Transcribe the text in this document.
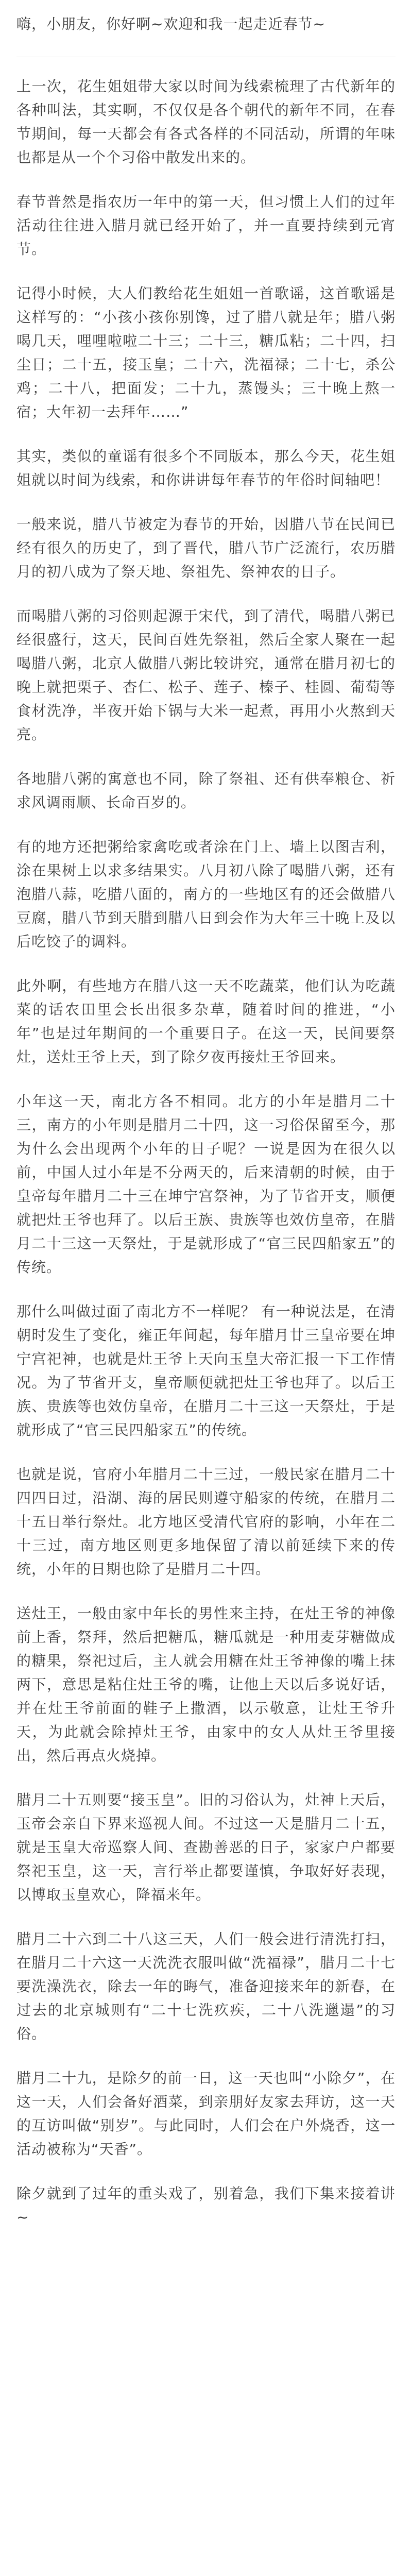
嗨，小朋友，你好啊~欢迎和我一起走近春节~

上一次，花生姐姐带大家以时间为线索梳理了古代新年的各种叫法，其实啊，不仅仅是各个朝代的新年不同，在春节期间，每一天都会有各式各样的不同活动，所谓的年味也都是从一个个习俗中散发出来的。

春节普然是指农历一年中的第一天，但习惯上人们的过年活动往往进入腊月就已经开始了，并一直要持续到元宵节。

记得小时候，大人们教给花生姐姐一首歌谣，这首歌谣是这样写的：“小孩小孩你别馋，过了腊八就是年；腊八粥喝几天，哩哩啦啦二十三；二十三，糖瓜粘；二十四，扫尘日；二十五，接玉皇；二十六，洗福禄；二十七，杀公鸡；二十八，把面发；二十九，蒸馒头；三十晚上熬一宿；大年初一去拜年……”

其实，类似的童谣有很多个不同版本，那么今天，花生姐姐就以时间为线索，和你讲讲每年春节的年俗时间轴吧！

一般来说，腊八节被定为春节的开始，因腊八节在民间已经有很久的历史了，到了晋代，腊八节广泛流行，农历腊月的初八成为了祭天地、祭祖先、祭神农的日子。

而喝腊八粥的习俗则起源于宋代，到了清代，喝腊八粥已经很盛行，这天，民间百姓先祭祖，然后全家人聚在一起喝腊八粥，北京人做腊八粥比较讲究，通常在腊月初七的晚上就把栗子、杏仁、松子、莲子、榛子、桂圆、葡萄等食材洗净，半夜开始下锅与大米一起煮，再用小火熬到天亮。

各地腊八粥的寓意也不同，除了祭祖、还有供奉粮仓、祈求风调雨顺、长命百岁的。

有的地方还把粥给家禽吃或者涂在门上、墙上以图吉利，涂在果树上以求多结果实。八月初八除了喝腊八粥，还有泡腊八蒜，吃腊八面的，南方的一些地区有的还会做腊八豆腐，腊八节到天腊到腊八日到会作为大年三十晚上及以后吃饺子的调料。

此外啊，有些地方在腊八这一天不吃蔬菜，他们认为吃蔬菜的话农田里会长出很多杂草，随着时间的推进，“小年”也是过年期间的一个重要日子。在这一天，民间要祭灶，送灶王爷上天，到了除夕夜再接灶王爷回来。

小年这一天，南北方各不相同。北方的小年是腊月二十三，南方的小年则是腊月二十四，这一习俗保留至今，那为什么会出现两个小年的日子呢？一说是因为在很久以前，中国人过小年是不分两天的，后来清朝的时候，由于皇帝每年腊月二十三在坤宁宫祭神，为了节省开支，顺便就把灶王爷也拜了。以后王族、贵族等也效仿皇帝，在腊月二十三这一天祭灶，于是就形成了“官三民四船家五”的传统。

那什么叫做过面了南北方不一样呢？ 有一种说法是，在清朝时发生了变化，雍正年间起，每年腊月廿三皇帝要在坤宁宫祀神，也就是灶王爷上天向玉皇大帝汇报一下工作情况。为了节省开支，皇帝顺便就把灶王爷也拜了。以后王族、贵族等也效仿皇帝，在腊月二十三这一天祭灶，于是就形成了“官三民四船家五”的传统。

也就是说，官府小年腊月二十三过，一般民家在腊月二十四四日过，沿湖、海的居民则遵守船家的传统，在腊月二十五日举行祭灶。北方地区受清代官府的影响，小年在二十三过，南方地区则更多地保留了清以前延续下来的传统，小年的日期也除了是腊月二十四。

送灶王，一般由家中年长的男性来主持，在灶王爷的神像前上香，祭拜，然后把糖瓜，糖瓜就是一种用麦芽糖做成的糖果，祭祀过后，主人就会用糖在灶王爷神像的嘴上抹两下，意思是粘住灶王爷的嘴，让他上天以后多说好话，并在灶王爷前面的鞋子上撒酒，以示敬意，让灶王爷升天，为此就会除掉灶王爷，由家中的女人从灶王爷里接出，然后再点火烧掉。

腊月二十五则要“接玉皇”。旧的习俗认为，灶神上天后，玉帝会亲自下界来巡视人间。不过这一天是腊月二十五，就是玉皇大帝巡察人间、查勘善恶的日子，家家户户都要祭祀玉皇，这一天，言行举止都要谨慎，争取好好表现，以博取玉皇欢心，降福来年。

腊月二十六到二十八这三天，人们一般会进行清洗打扫，在腊月二十六这一天洗洗衣服叫做“洗福禄”，腊月二十七要洗澡洗衣，除去一年的晦气，准备迎接来年的新春，在过去的北京城则有“二十七洗疚疾，二十八洗邋遢”的习俗。

腊月二十九，是除夕的前一日，这一天也叫“小除夕”，在这一天，人们会备好酒菜，到亲朋好友家去拜访，这一天的互访叫做“别岁”。与此同时，人们会在户外烧香，这一活动被称为“天香”。

除夕就到了过年的重头戏了，别着急，我们下集来接着讲~
